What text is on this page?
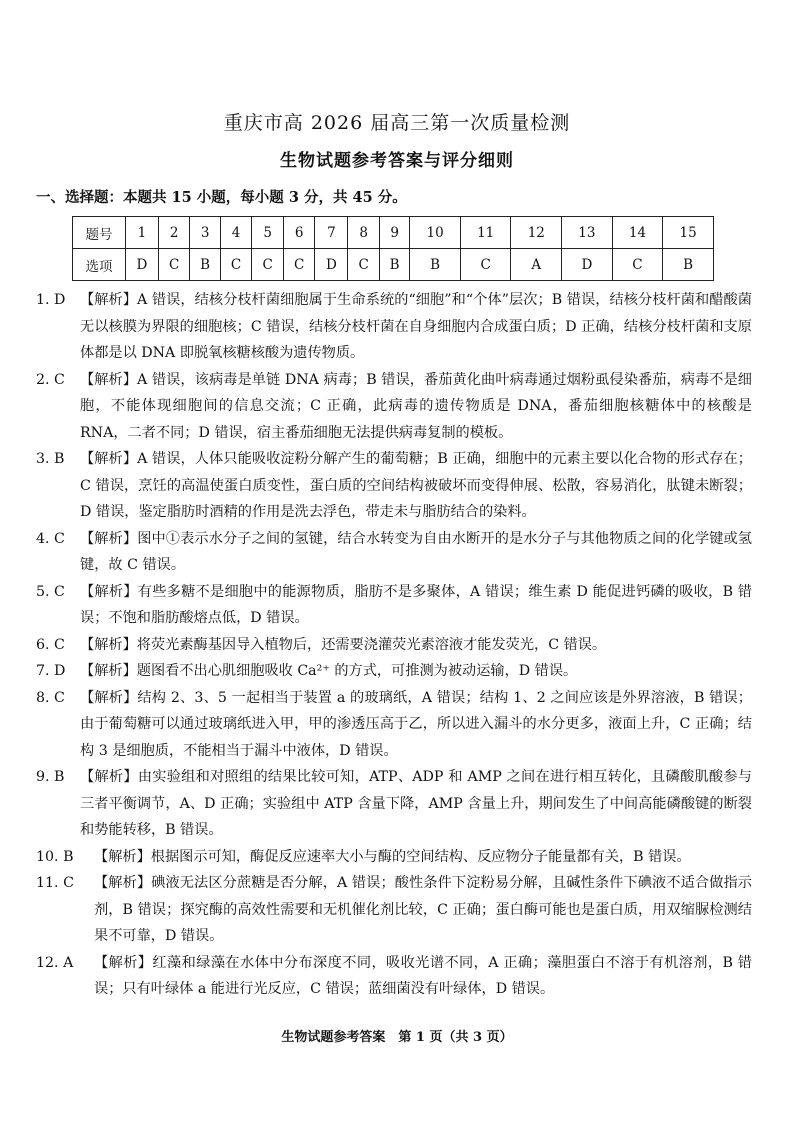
重庆市高 2026 届高三第一次质量检测
生物试题参考答案与评分细则
一、选择题：本题共 15 小题，每小题 3 分，共 45 分。
题号	1	2	3	4	5	6	7	8	9	10	11	12	13	14	15
选项	D	C	B	C	C	C	D	C	B	B	C	A	D	C	B
1. D	【解析】A 错误，结核分枝杆菌细胞属于生命系统的“细胞”和“个体”层次；B 错误，结核分枝杆菌和醋酸菌无以核膜为界限的细胞核；C 错误，结核分枝杆菌在自身细胞内合成蛋白质；D 正确，结核分枝杆菌和支原体都是以 DNA 即脱氧核糖核酸为遗传物质。
2. C	【解析】A 错误，该病毒是单链 DNA 病毒；B 错误，番茄黄化曲叶病毒通过烟粉虱侵染番茄，病毒不是细胞，不能体现细胞间的信息交流；C 正确，此病毒的遗传物质是 DNA，番茄细胞核糖体中的核酸是 RNA，二者不同；D 错误，宿主番茄细胞无法提供病毒复制的模板。
3. B	【解析】A 错误，人体只能吸收淀粉分解产生的葡萄糖；B 正确，细胞中的元素主要以化合物的形式存在；C 错误，烹饪的高温使蛋白质变性，蛋白质的空间结构被破坏而变得伸展、松散，容易消化，肽键未断裂；D 错误，鉴定脂肪时酒精的作用是洗去浮色，带走未与脂肪结合的染料。
4. C	【解析】图中①表示水分子之间的氢键，结合水转变为自由水断开的是水分子与其他物质之间的化学键或氢键，故 C 错误。
5. C	【解析】有些多糖不是细胞中的能源物质，脂肪不是多聚体，A 错误；维生素 D 能促进钙磷的吸收，B 错误；不饱和脂肪酸熔点低，D 错误。
6. C	【解析】将荧光素酶基因导入植物后，还需要浇灌荧光素溶液才能发荧光，C 错误。
7. D	【解析】题图看不出心肌细胞吸收 Ca²⁺ 的方式，可推测为被动运输，D 错误。
8. C	【解析】结构 2、3、5 一起相当于装置 a 的玻璃纸，A 错误；结构 1、2 之间应该是外界溶液，B 错误；由于葡萄糖可以通过玻璃纸进入甲，甲的渗透压高于乙，所以进入漏斗的水分更多，液面上升，C 正确；结构 3 是细胞质，不能相当于漏斗中液体，D 错误。
9. B	【解析】由实验组和对照组的结果比较可知，ATP、ADP 和 AMP 之间在进行相互转化，且磷酸肌酸参与三者平衡调节，A、D 正确；实验组中 ATP 含量下降，AMP 含量上升，期间发生了中间高能磷酸键的断裂和势能转移，B 错误。
10. B	【解析】根据图示可知，酶促反应速率大小与酶的空间结构、反应物分子能量都有关，B 错误。
11. C	【解析】碘液无法区分蔗糖是否分解，A 错误；酸性条件下淀粉易分解，且碱性条件下碘液不适合做指示剂，B 错误；探究酶的高效性需要和无机催化剂比较，C 正确；蛋白酶可能也是蛋白质，用双缩脲检测结果不可靠，D 错误。
12. A	【解析】红藻和绿藻在水体中分布深度不同，吸收光谱不同，A 正确；藻胆蛋白不溶于有机溶剂，B 错误；只有叶绿体 a 能进行光反应，C 错误；蓝细菌没有叶绿体，D 错误。
生物试题参考答案　第 1 页（共 3 页）
